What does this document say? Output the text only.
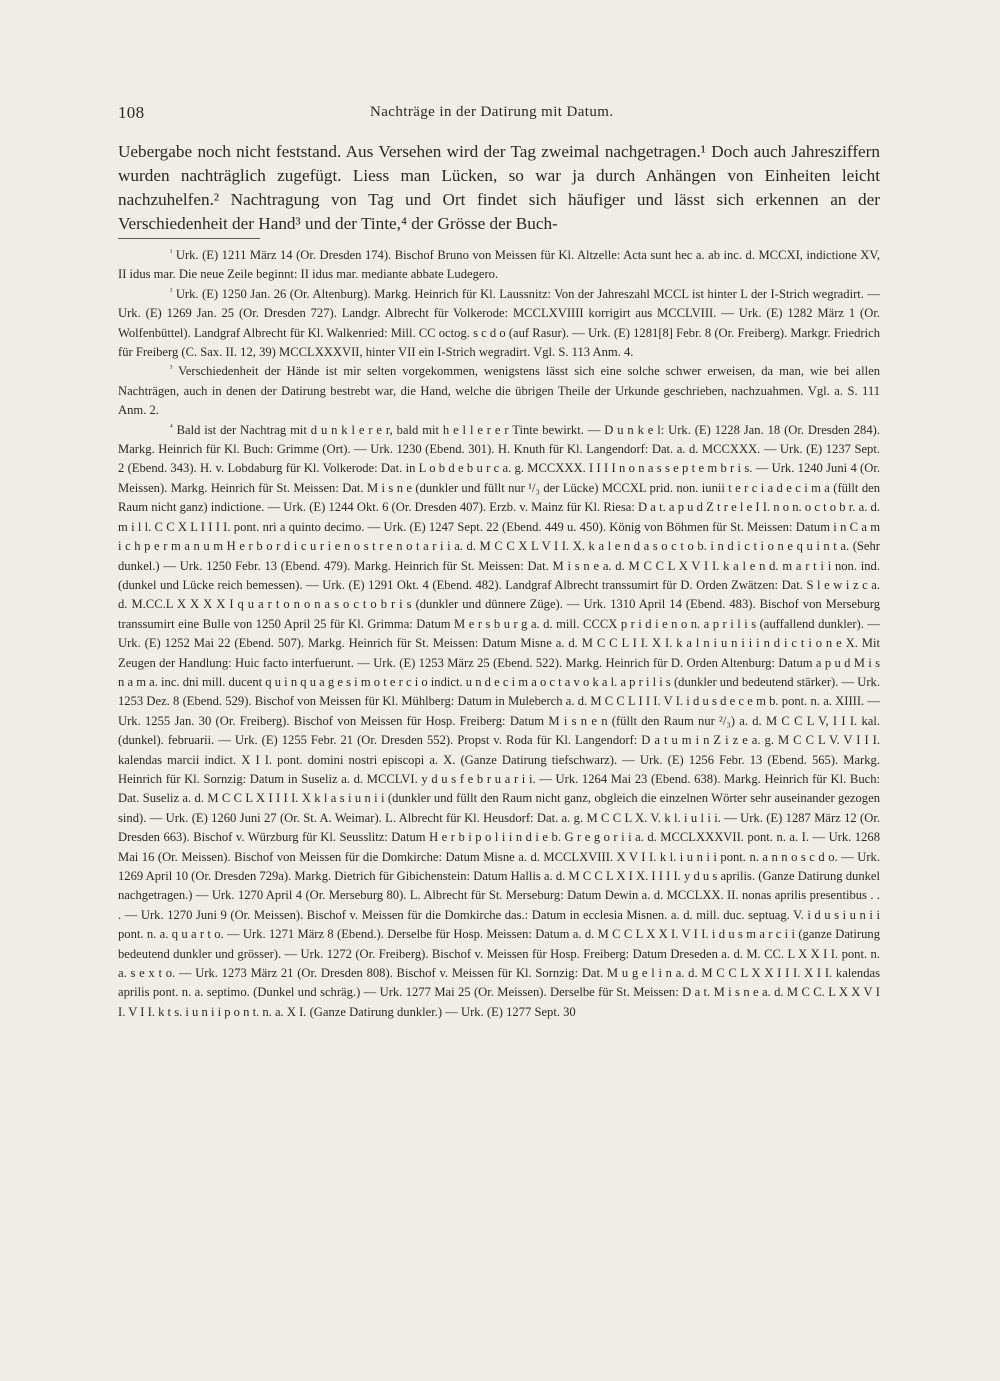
108	Nachträge in der Datirung mit Datum.

Uebergabe noch nicht feststand. Aus Versehen wird der Tag zweimal nachgetragen.¹ Doch auch Jahresziffern wurden nachträglich zugefügt. Liess man Lücken, so war ja durch Anhängen von Einheiten leicht nachzuhelfen.² Nachtragung von Tag und Ort findet sich häufiger und lässt sich erkennen an der Verschiedenheit der Hand³ und der Tinte,⁴ der Grösse der Buch-

$^{^1}$ Urk. (E) 1211 März 14 (Or. Dresden 174). Bischof Bruno von Meissen für Kl. Altzelle: Acta sunt hec a. ab inc. d. MCCXI, indictione XV, II idus mar. Die neue Zeile beginnt: II idus mar. mediante abbate Ludegero.

$^{^2}$ Urk. (E) 1250 Jan. 26 (Or. Altenburg). Markg. Heinrich für Kl. Laussnitz: Von der Jahreszahl MCCL ist hinter L der I-Strich wegradirt. — Urk. (E) 1269 Jan. 25 (Or. Dresden 727). Landgr. Albrecht für Volkerode: MCCLXVIIII korrigirt aus MCCLVIII. — Urk. (E) 1282 März 1 (Or. Wolfenbüttel). Landgraf Albrecht für Kl. Walkenried: Mill. CC octog. s c d o (auf Rasur). — Urk. (E) 1281[8] Febr. 8 (Or. Freiberg). Markgr. Friedrich für Freiberg (C. Sax. II. 12, 39) MCCLXXXVII, hinter VII ein I-Strich wegradirt. Vgl. S. 113 Anm. 4.

$^{^3}$ Verschiedenheit der Hände ist mir selten vorgekommen, wenigstens lässt sich eine solche schwer erweisen, da man, wie bei allen Nachträgen, auch in denen der Datirung bestrebt war, die Hand, welche die übrigen Theile der Urkunde geschrieben, nachzuahmen. Vgl. a. S. 111 Anm. 2.

$^{^4}$ Bald ist der Nachtrag mit d u n k l e r e r, bald mit h e l l e r e r Tinte bewirkt. — D u n k e l: Urk. (E) 1228 Jan. 18 (Or. Dresden 284). Markg. Heinrich für Kl. Buch: Grimme (Ort). — Urk. 1230 (Ebend. 301). H. Knuth für Kl. Langendorf: Dat. a. d. MCCXXX. — Urk. (E) 1237 Sept. 2 (Ebend. 343). H. v. Lobdaburg für Kl. Volkerode: Dat. in L o b d e b u r c a. g. MCCXXX. I I I I n o n a s s e p t e m b r i s. — Urk. 1240 Juni 4 (Or. Meissen). Markg. Heinrich für St. Meissen: Dat. M i s n e (dunkler und füllt nur ¹/₃ der Lücke) MCCXL prid. non. iunii t e r c i a d e c i m a (füllt den Raum nicht ganz) indictione. — Urk. (E) 1244 Okt. 6 (Or. Dresden 407). Erzb. v. Mainz für Kl. Riesa: D a t. a p u d Z t r e l e I I. n o n. o c t o b r. a. d. m i l l. C C X L I I I I. pont. nri a quinto decimo. — Urk. (E) 1247 Sept. 22 (Ebend. 449 u. 450). König von Böhmen für St. Meissen: Datum i n C a m i c h p e r m a n u m H e r b o r d i c u r i e n o s t r e n o t a r i i a. d. M C C X L V I I. X. k a l e n d a s o c t o b. i n d i c t i o n e q u i n t a. (Sehr dunkel.) — Urk. 1250 Febr. 13 (Ebend. 479). Markg. Heinrich für St. Meissen: Dat. M i s n e a. d. M C C L X V I I. k a l e n d. m a r t i i non. ind. (dunkel und Lücke reich bemessen). — Urk. (E) 1291 Okt. 4 (Ebend. 482). Landgraf Albrecht transsumirt für D. Orden Zwätzen: Dat. S l e w i z c a. d. M.CC.L X X X X I q u a r t o n o n a s o c t o b r i s (dunkler und dünnere Züge). — Urk. 1310 April 14 (Ebend. 483). Bischof von Merseburg transsumirt eine Bulle von 1250 April 25 für Kl. Grimma: Datum M e r s b u r g a. d. mill. CCCX p r i d i e n o n. a p r i l i s (auffallend dunkler). — Urk. (E) 1252 Mai 22 (Ebend. 507). Markg. Heinrich für St. Meissen: Datum Misne a. d. M C C L I I. X I. k a l n i u n i i i n d i c t i o n e X. Mit Zeugen der Handlung: Huic facto interfuerunt. — Urk. (E) 1253 März 25 (Ebend. 522). Markg. Heinrich für D. Orden Altenburg: Datum a p u d M i s n a m a. inc. dni mill. ducent q u i n q u a g e s i m o t e r c i o indict. u n d e c i m a o c t a v o k a l. a p r i l i s (dunkler und bedeutend stärker). — Urk. 1253 Dez. 8 (Ebend. 529). Bischof von Meissen für Kl. Mühlberg: Datum in Muleberch a. d. M C C L I I I. V I. i d u s d e c e m b. pont. n. a. XIIII. — Urk. 1255 Jan. 30 (Or. Freiberg). Bischof von Meissen für Hosp. Freiberg: Datum M i s n e n (füllt den Raum nur ²/₃) a. d. M C C L V, I I I. kal. (dunkel). februarii. — Urk. (E) 1255 Febr. 21 (Or. Dresden 552). Propst v. Roda für Kl. Langendorf: D a t u m i n Z i z e a. g. M C C L V. V I I I. kalendas marcii indict. X I I. pont. domini nostri episcopi a. X. (Ganze Datirung tiefschwarz). — Urk. (E) 1256 Febr. 13 (Ebend. 565). Markg. Heinrich für Kl. Sornzig: Datum in Suseliz a. d. MCCLVI. y d u s f e b r u a r i i. — Urk. 1264 Mai 23 (Ebend. 638). Markg. Heinrich für Kl. Buch: Dat. Suseliz a. d. M C C L X I I I I. X k l a s i u n i i (dunkler und füllt den Raum nicht ganz, obgleich die einzelnen Wörter sehr auseinander gezogen sind). — Urk. (E) 1260 Juni 27 (Or. St. A. Weimar). L. Albrecht für Kl. Heusdorf: Dat. a. g. M C C L X. V. k l. i u l i i. — Urk. (E) 1287 März 12 (Or. Dresden 663). Bischof v. Würzburg für Kl. Seusslitz: Datum H e r b i p o l i i n d i e b. G r e g o r i i a. d. MCCLXXXVII. pont. n. a. I. — Urk. 1268 Mai 16 (Or. Meissen). Bischof von Meissen für die Domkirche: Datum Misne a. d. MCCLXVIII. X V I I. k l. i u n i i pont. n. a n n o s c d o. — Urk. 1269 April 10 (Or. Dresden 729a). Markg. Dietrich für Gibichenstein: Datum Hallis a. d. M C C L X I X. I I I I. y d u s aprilis. (Ganze Datirung dunkel nachgetragen.) — Urk. 1270 April 4 (Or. Merseburg 80). L. Albrecht für St. Merseburg: Datum Dewin a. d. MCCLXX. II. nonas aprilis presentibus . . . — Urk. 1270 Juni 9 (Or. Meissen). Bischof v. Meissen für die Domkirche das.: Datum in ecclesia Misnen. a. d. mill. duc. septuag. V. i d u s i u n i i pont. n. a. q u a r t o. — Urk. 1271 März 8 (Ebend.). Derselbe für Hosp. Meissen: Datum a. d. M C C L X X I. V I I. i d u s m a r c i i (ganze Datirung bedeutend dunkler und grösser). — Urk. 1272 (Or. Freiberg). Bischof v. Meissen für Hosp. Freiberg: Datum Dreseden a. d. M. CC. L X X I I. pont. n. a. s e x t o. — Urk. 1273 März 21 (Or. Dresden 808). Bischof v. Meissen für Kl. Sornzig: Dat. M u g e l i n a. d. M C C L X X I I I. X I I. kalendas aprilis pont. n. a. septimo. (Dunkel und schräg.) — Urk. 1277 Mai 25 (Or. Meissen). Derselbe für St. Meissen: D a t. M i s n e a. d. M C C. L X X V I I. V I I. k t s. i u n i i p o n t. n. a. X I. (Ganze Datirung dunkler.) — Urk. (E) 1277 Sept. 30
